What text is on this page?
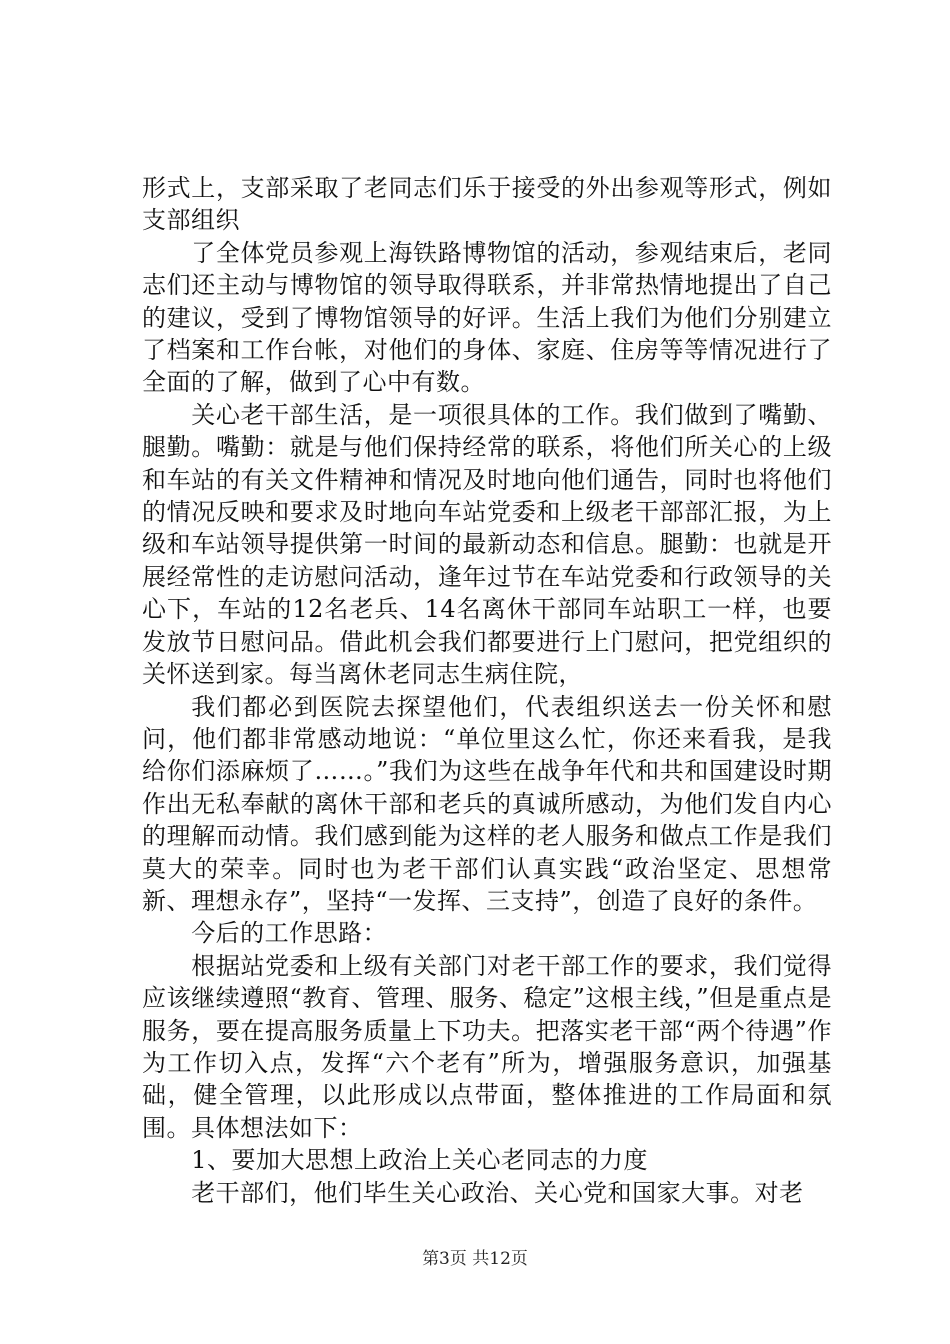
形式上，支部采取了老同志们乐于接受的外出参观等形式，例如支部组织

了全体党员参观上海铁路博物馆的活动，参观结束后，老同志们还主动与博物馆的领导取得联系，并非常热情地提出了自己的建议，受到了博物馆领导的好评。生活上我们为他们分别建立了档案和工作台帐，对他们的身体、家庭、住房等等情况进行了全面的了解，做到了心中有数。

关心老干部生活，是一项很具体的工作。我们做到了嘴勤、腿勤。嘴勤：就是与他们保持经常的联系，将他们所关心的上级和车站的有关文件精神和情况及时地向他们通告，同时也将他们的情况反映和要求及时地向车站党委和上级老干部部汇报，为上级和车站领导提供第一时间的最新动态和信息。腿勤：也就是开展经常性的走访慰问活动，逢年过节在车站党委和行政领导的关心下，车站的12名老兵、14名离休干部同车站职工一样，也要发放节日慰问品。借此机会我们都要进行上门慰问，把党组织的关怀送到家。每当离休老同志生病住院，

我们都必到医院去探望他们，代表组织送去一份关怀和慰问，他们都非常感动地说：“单位里这么忙，你还来看我，是我给你们添麻烦了……。”我们为这些在战争年代和共和国建设时期作出无私奉献的离休干部和老兵的真诚所感动，为他们发自内心的理解而动情。我们感到能为这样的老人服务和做点工作是我们莫大的荣幸。同时也为老干部们认真实践“政治坚定、思想常新、理想永存”，坚持“一发挥、三支持”，创造了良好的条件。

今后的工作思路：

根据站党委和上级有关部门对老干部工作的要求，我们觉得应该继续遵照“教育、管理、服务、稳定”这根主线，”但是重点是服务，要在提高服务质量上下功夫。把落实老干部“两个待遇”作为工作切入点，发挥“六个老有”所为，增强服务意识，加强基础，健全管理，以此形成以点带面，整体推进的工作局面和氛围。具体想法如下：

1、要加大思想上政治上关心老同志的力度

老干部们，他们毕生关心政治、关心党和国家大事。对老

第3页 共12页
